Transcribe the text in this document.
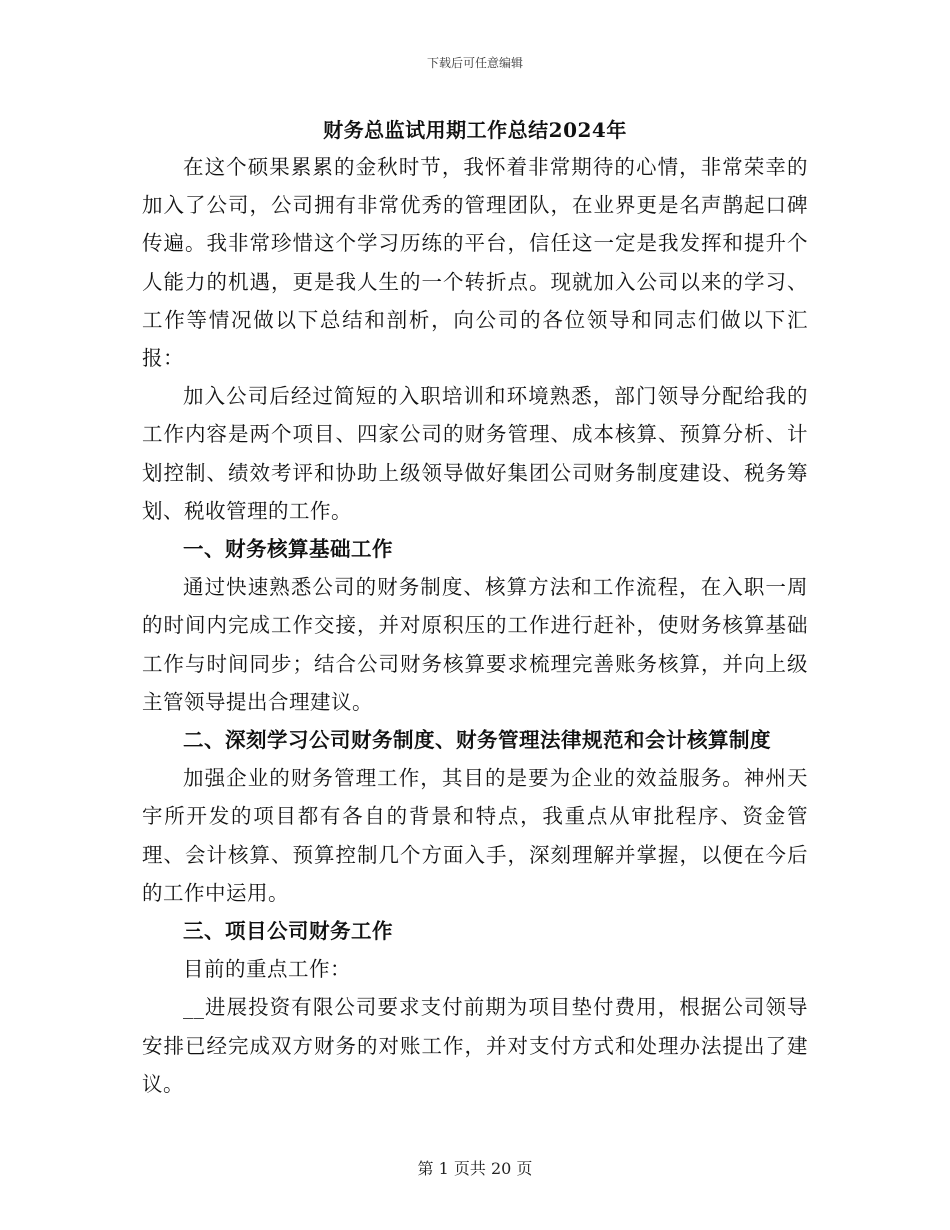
下载后可任意编辑
财务总监试用期工作总结2024年

在这个硕果累累的金秋时节，我怀着非常期待的心情，非常荣幸的加入了公司，公司拥有非常优秀的管理团队，在业界更是名声鹊起口碑传遍。我非常珍惜这个学习历练的平台，信任这一定是我发挥和提升个人能力的机遇，更是我人生的一个转折点。现就加入公司以来的学习、工作等情况做以下总结和剖析，向公司的各位领导和同志们做以下汇报：

加入公司后经过简短的入职培训和环境熟悉，部门领导分配给我的工作内容是两个项目、四家公司的财务管理、成本核算、预算分析、计划控制、绩效考评和协助上级领导做好集团公司财务制度建设、税务筹划、税收管理的工作。

一、财务核算基础工作

通过快速熟悉公司的财务制度、核算方法和工作流程，在入职一周的时间内完成工作交接，并对原积压的工作进行赶补，使财务核算基础工作与时间同步；结合公司财务核算要求梳理完善账务核算，并向上级主管领导提出合理建议。

二、深刻学习公司财务制度、财务管理法律规范和会计核算制度

加强企业的财务管理工作，其目的是要为企业的效益服务。神州天宇所开发的项目都有各自的背景和特点，我重点从审批程序、资金管理、会计核算、预算控制几个方面入手，深刻理解并掌握，以便在今后的工作中运用。

三、项目公司财务工作

目前的重点工作：

__进展投资有限公司要求支付前期为项目垫付费用，根据公司领导安排已经完成双方财务的对账工作，并对支付方式和处理办法提出了建议。

第 1 页共 20 页
